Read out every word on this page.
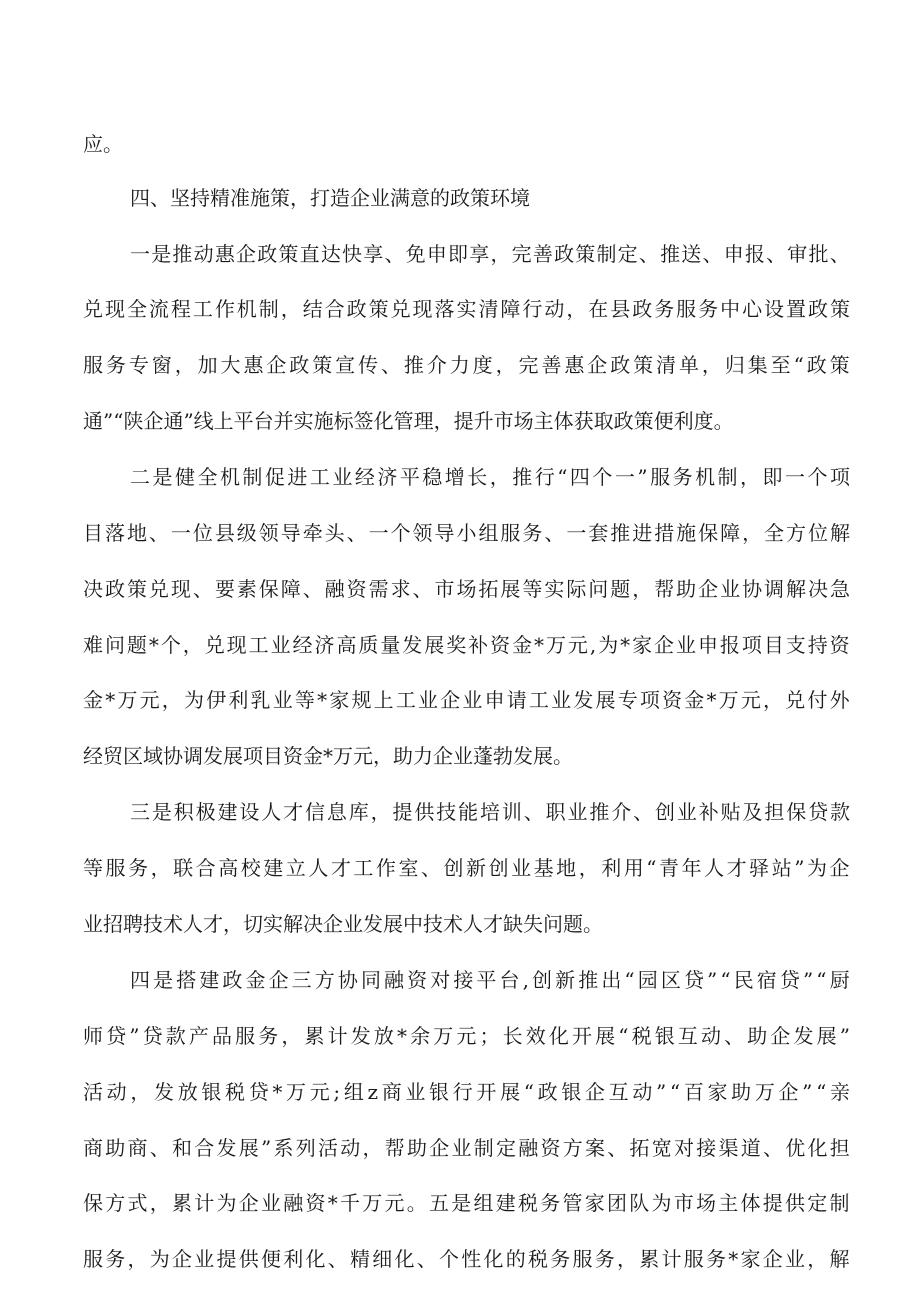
应。
四、坚持精准施策，打造企业满意的政策环境
一 是 推 动 惠 企 政 策 直 达 快 享 、 免 申 即 享 ， 完 善 政 策 制 定 、 推 送 、 申 报 、 审 批 、
兑 现 全 流 程 工 作 机 制 ， 结 合 政 策 兑 现 落 实 清 障 行 动 ， 在 县 政 务 服 务 中 心 设 置 政 策
服 务 专 窗 ， 加 大 惠 企 政 策 宣 传 、 推 介 力 度 ， 完 善 惠 企 政 策 清 单 ， 归 集 至 “ 政 策
通”“陕企通”线上平台并实施标签化管理，提升市场主体获取政策便利度。
二 是 健 全 机 制 促 进 工 业 经 济 平 稳 增 长 ， 推 行 “ 四 个 一 ” 服 务 机 制 ， 即 一 个 项
目 落 地 、 一 位 县 级 领 导 牵 头 、 一 个 领 导 小 组 服 务 、 一 套 推 进 措 施 保 障 ， 全 方 位 解
决 政 策 兑 现 、 要 素 保 障 、 融 资 需 求 、 市 场 拓 展 等 实 际 问 题 ， 帮 助 企 业 协 调 解 决 急
难 问 题 * 个 ， 兑 现 工 业 经 济 高 质 量 发 展 奖 补 资 金 * 万 元 , 为 * 家 企 业 申 报 项 目 支 持 资
金 * 万 元 ， 为 伊 利 乳 业 等 * 家 规 上 工 业 企 业 申 请 工 业 发 展 专 项 资 金 * 万 元 ， 兑 付 外
经贸区域协调发展项目资金*万元，助力企业蓬勃发展。
三 是 积 极 建 设 人 才 信 息 库 ， 提 供 技 能 培 训 、 职 业 推 介 、 创 业 补 贴 及 担 保 贷 款
等 服 务 ， 联 合 高 校 建 立 人 才 工 作 室 、 创 新 创 业 基 地 ， 利 用 “ 青 年 人 才 驿 站 ” 为 企
业招聘技术人才，切实解决企业发展中技术人才缺失问题。
四 是 搭 建 政 金 企 三 方 协 同 融 资 对 接 平 台 , 创 新 推 出 “ 园 区 贷 ” “ 民 宿 贷 ” “ 厨
师 贷 ” 贷 款 产 品 服 务 ， 累 计 发 放 * 余 万 元 ； 长 效 化 开 展 “ 税 银 互 动 、 助 企 发 展 ”
活 动 ， 发 放 银 税 贷 * 万 元 ; 组 z 商 业 银 行 开 展 “ 政 银 企 互 动 ” “ 百 家 助 万 企 ” “ 亲
商 助 商 、 和 合 发 展 ” 系 列 活 动 ， 帮 助 企 业 制 定 融 资 方 案 、 拓 宽 对 接 渠 道 、 优 化 担
保 方 式 ， 累 计 为 企 业 融 资 * 千 万 元 。 五 是 组 建 税 务 管 家 团 队 为 市 场 主 体 提 供 定 制
服 务 ， 为 企 业 提 供 便 利 化 、 精 细 化 、 个 性 化 的 税 务 服 务 ， 累 计 服 务 * 家 企 业 ， 解
